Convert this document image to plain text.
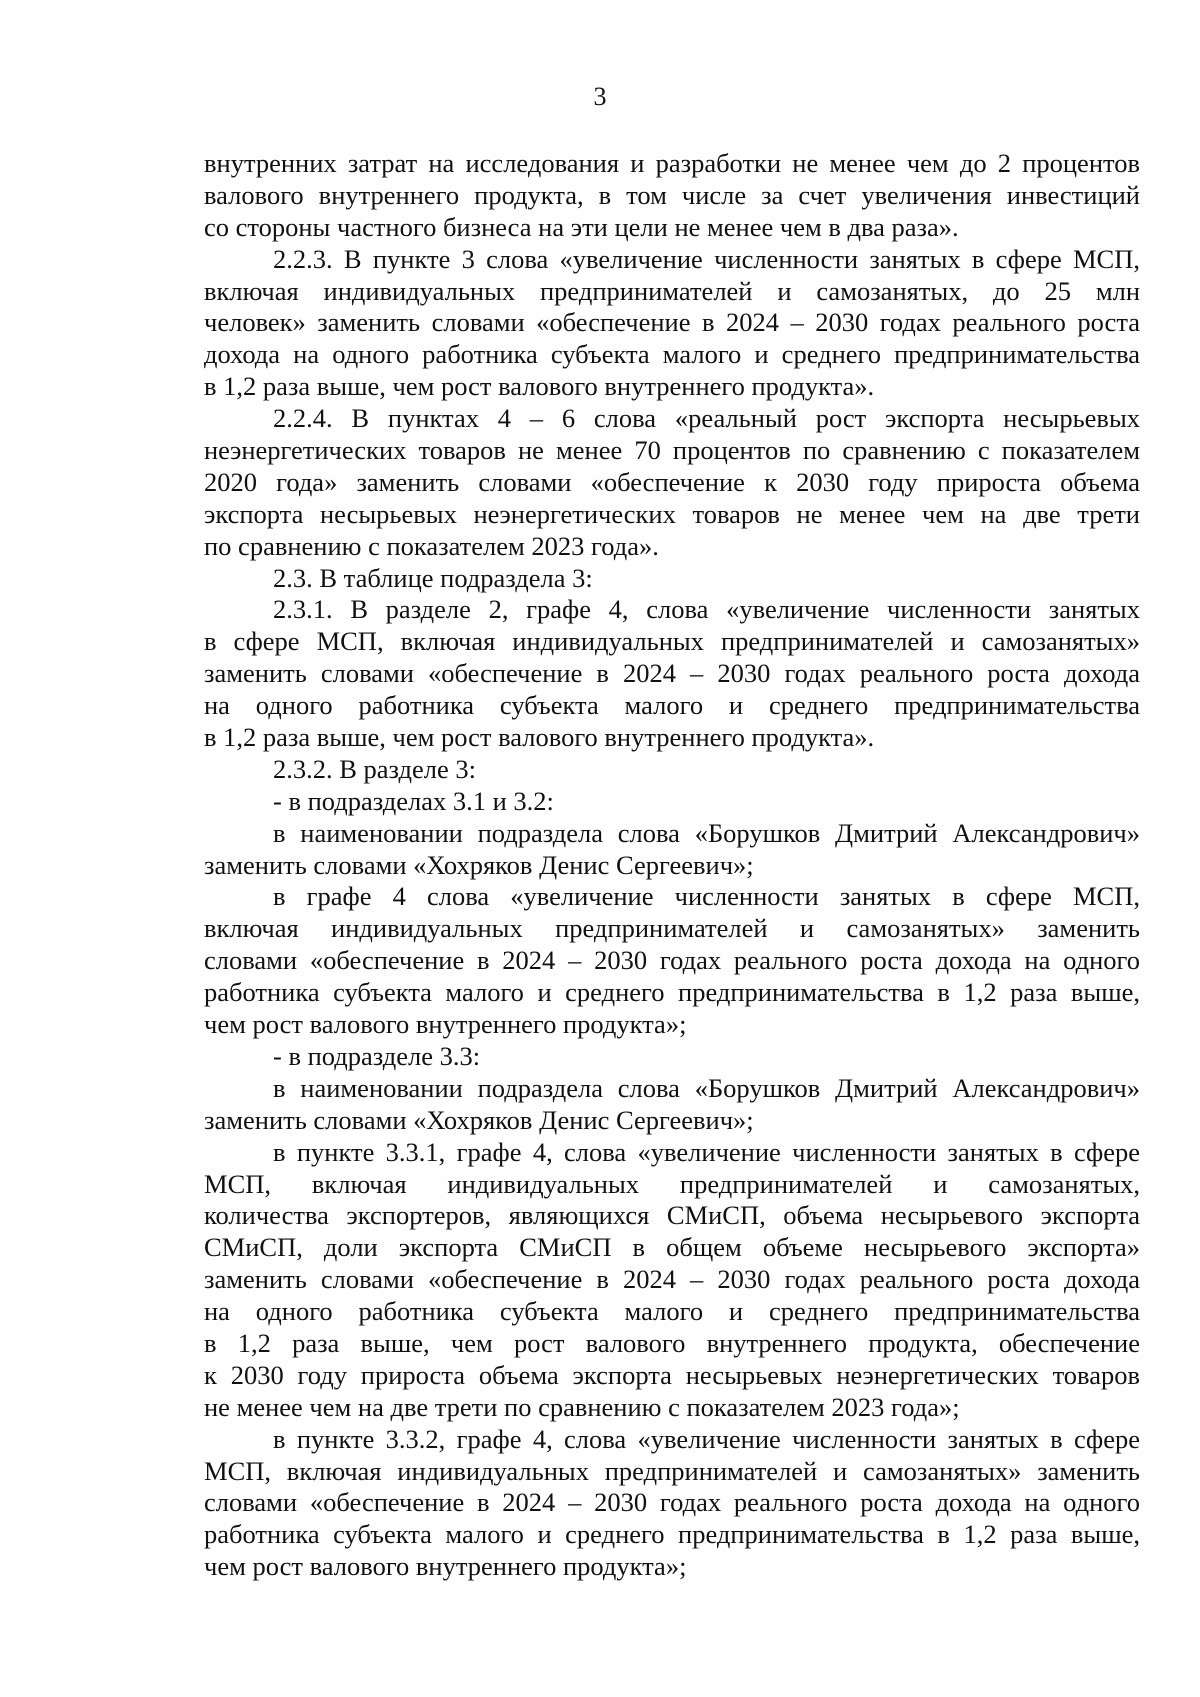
3
внутренних затрат на исследования и разработки не менее чем до 2 процентов
валового внутреннего продукта, в том числе за счет увеличения инвестиций
со стороны частного бизнеса на эти цели не менее чем в два раза».
2.2.3. В пункте 3 слова «увеличение численности занятых в сфере МСП,
включая индивидуальных предпринимателей и самозанятых, до 25 млн
человек» заменить словами «обеспечение в 2024 – 2030 годах реального роста
дохода на одного работника субъекта малого и среднего предпринимательства
в 1,2 раза выше, чем рост валового внутреннего продукта».
2.2.4. В пунктах 4 – 6 слова «реальный рост экспорта несырьевых
неэнергетических товаров не менее 70 процентов по сравнению с показателем
2020 года» заменить словами «обеспечение к 2030 году прироста объема
экспорта несырьевых неэнергетических товаров не менее чем на две трети
по сравнению с показателем 2023 года».
2.3. В таблице подраздела 3:
2.3.1. В разделе 2, графе 4, слова «увеличение численности занятых
в сфере МСП, включая индивидуальных предпринимателей и самозанятых»
заменить словами «обеспечение в 2024 – 2030 годах реального роста дохода
на одного работника субъекта малого и среднего предпринимательства
в 1,2 раза выше, чем рост валового внутреннего продукта».
2.3.2. В разделе 3:
- в подразделах 3.1 и 3.2:
в наименовании подраздела слова «Борушков Дмитрий Александрович»
заменить словами «Хохряков Денис Сергеевич»;
в графе 4 слова «увеличение численности занятых в сфере МСП,
включая индивидуальных предпринимателей и самозанятых» заменить
словами «обеспечение в 2024 – 2030 годах реального роста дохода на одного
работника субъекта малого и среднего предпринимательства в 1,2 раза выше,
чем рост валового внутреннего продукта»;
- в подразделе 3.3:
в наименовании подраздела слова «Борушков Дмитрий Александрович»
заменить словами «Хохряков Денис Сергеевич»;
в пункте 3.3.1, графе 4, слова «увеличение численности занятых в сфере
МСП, включая индивидуальных предпринимателей и самозанятых,
количества экспортеров, являющихся СМиСП, объема несырьевого экспорта
СМиСП, доли экспорта СМиСП в общем объеме несырьевого экспорта»
заменить словами «обеспечение в 2024 – 2030 годах реального роста дохода
на одного работника субъекта малого и среднего предпринимательства
в 1,2 раза выше, чем рост валового внутреннего продукта, обеспечение
к 2030 году прироста объема экспорта несырьевых неэнергетических товаров
не менее чем на две трети по сравнению с показателем 2023 года»;
в пункте 3.3.2, графе 4, слова «увеличение численности занятых в сфере
МСП, включая индивидуальных предпринимателей и самозанятых» заменить
словами «обеспечение в 2024 – 2030 годах реального роста дохода на одного
работника субъекта малого и среднего предпринимательства в 1,2 раза выше,
чем рост валового внутреннего продукта»;
